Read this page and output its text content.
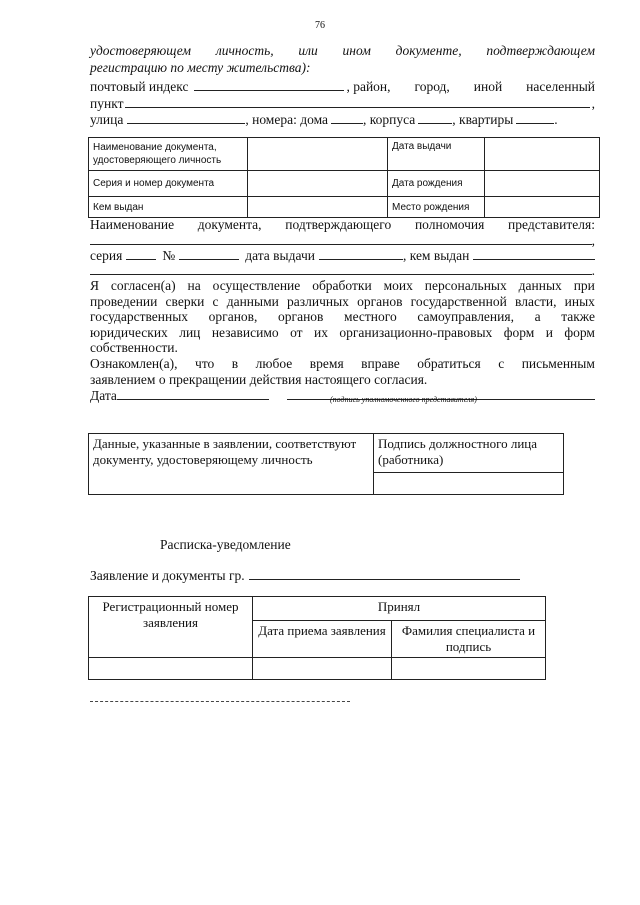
76
удостоверяющем личность, или ином документе, подтверждающем
регистрацию по месту жительства):
почтовый индекс	, район, город, иной населенный
пункт	,
улица	, номера: дома	, корпуса	, квартиры	.
Наименование документа, удостоверяющего личность		Дата выдачи	
Серия и номер документа		Дата рождения	
Кем выдан		Место рождения	
Наименование документа, подтверждающего полномочия представителя:
,
серия	№	дата выдачи	, кем выдан
.
Я согласен(а) на осуществление обработки моих персональных данных при
проведении сверки с данными различных органов государственной власти, иных
государственных органов, органов местного самоуправления, а также
юридических лиц независимо от их организационно-правовых форм и форм
собственности.
Ознакомлен(а), что в любое время вправе обратиться с письменным
заявлением о прекращении действия настоящего согласия.
Дата	(подпись уполномоченного представителя)
Данные, указанные в заявлении, соответствуют документу, удостоверяющему личность	Подпись должностного лица (работника)

Расписка-уведомление
Заявление и документы гр.
Регистрационный номер заявления	Принял	
	Дата приема заявления	Фамилия специалиста и подпись
